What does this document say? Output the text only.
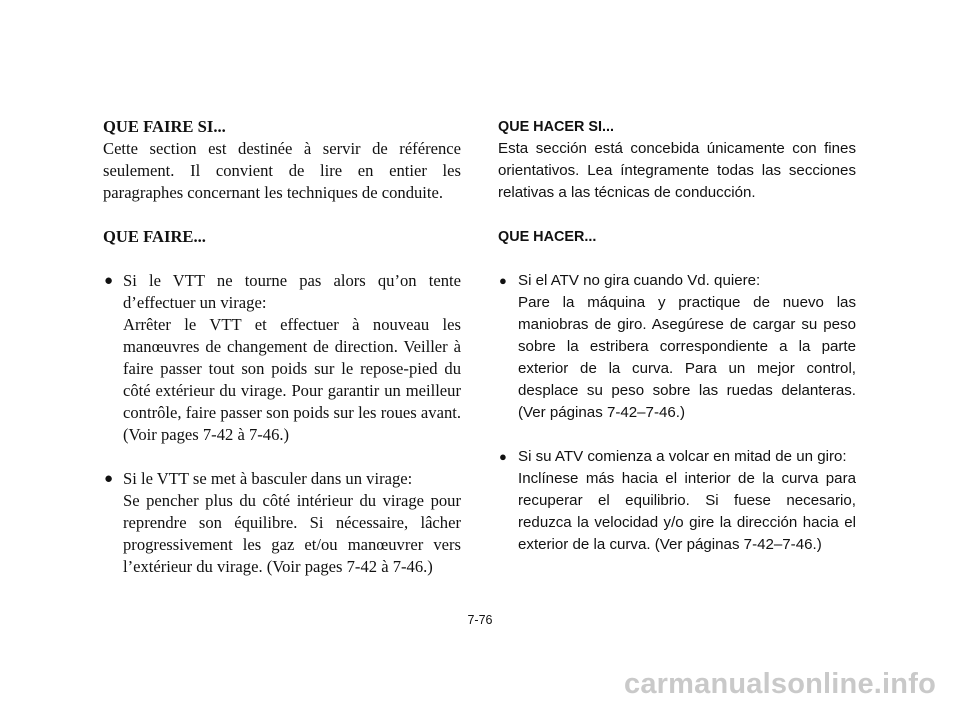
QUE FAIRE SI...

Cette section est destinée à servir de référence seulement. Il convient de lire en entier les paragraphes concernant les techniques de conduite.

QUE FAIRE...
● Si le VTT ne tourne pas alors qu’on tente d’effectuer un virage:

Arrêter le VTT et effectuer à nouveau les manœuvres de changement de direction. Veiller à faire passer tout son poids sur le repose-pied du côté extérieur du virage. Pour garantir un meilleur contrôle, faire passer son poids sur les roues avant. (Voir pages 7-42 à 7-46.)

● Si le VTT se met à basculer dans un virage:

Se pencher plus du côté intérieur du virage pour reprendre son équilibre. Si nécessaire, lâcher progressivement les gaz et/ou manœuvrer vers l’extérieur du virage. (Voir pages 7-42 à 7-46.)

QUE HACER SI...

Esta sección está concebida únicamente con fines orientativos. Lea íntegramente todas las secciones relativas a las técnicas de conducción.

QUE HACER...
● Si el ATV no gira cuando Vd. quiere:

Pare la máquina y practique de nuevo las maniobras de giro. Asegúrese de cargar su peso sobre la estribera correspondiente a la parte exterior de la curva. Para un mejor control, desplace su peso sobre las ruedas delanteras. (Ver páginas 7-42–7-46.)

● Si su ATV comienza a volcar en mitad de un giro:

Inclínese más hacia el interior de la curva para recuperar el equilibrio. Si fuese necesario, reduzca la velocidad y/o gire la dirección hacia el exterior de la curva. (Ver páginas 7-42–7-46.)

7-76
carmanualsonline.info
